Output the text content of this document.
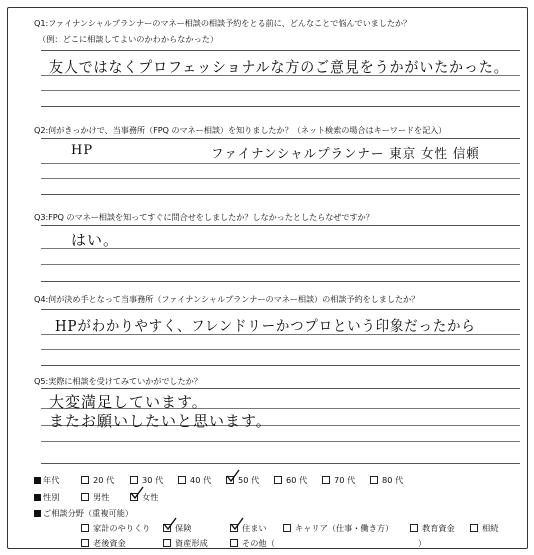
Q1:ファイナンシャルプランナーのマネー相談の相談予約をとる前に、どんなことで悩んでいましたか？
（例：どこに相談してよいのかわからなかった）
友人ではなくプロフェッショナルな方のご意見をうかがいたかった。
Q2:何がきっかけで、当事務所（FPQ のマネー相談）を知りましたか？（ネット検索の場合はキーワードを記入）
HP	ファイナンシャルプランナー 東京 女性 信頼
Q3:FPQ のマネー相談を知ってすぐに問合せをしましたか？しなかったとしたらなぜですか？
はい。
Q4:何が決め手となって当事務所（ファイナンシャルプランナーのマネー相談）の相談予約をしましたか？
HPがわかりやすく、フレンドリーかつプロという印象だったから
Q5:実際に相談を受けてみていかがでしたか？
大変満足しています。
またお願いしたいと思います。
年代	20 代	30 代	40 代	50 代	60 代	70 代	80 代
性別	男性	女性
ご相談分野（重複可能）
家計のやりくり	保険	住まい	キャリア（仕事・働き方）	教育資金	相続
老後資金	資産形成	その他（	）
